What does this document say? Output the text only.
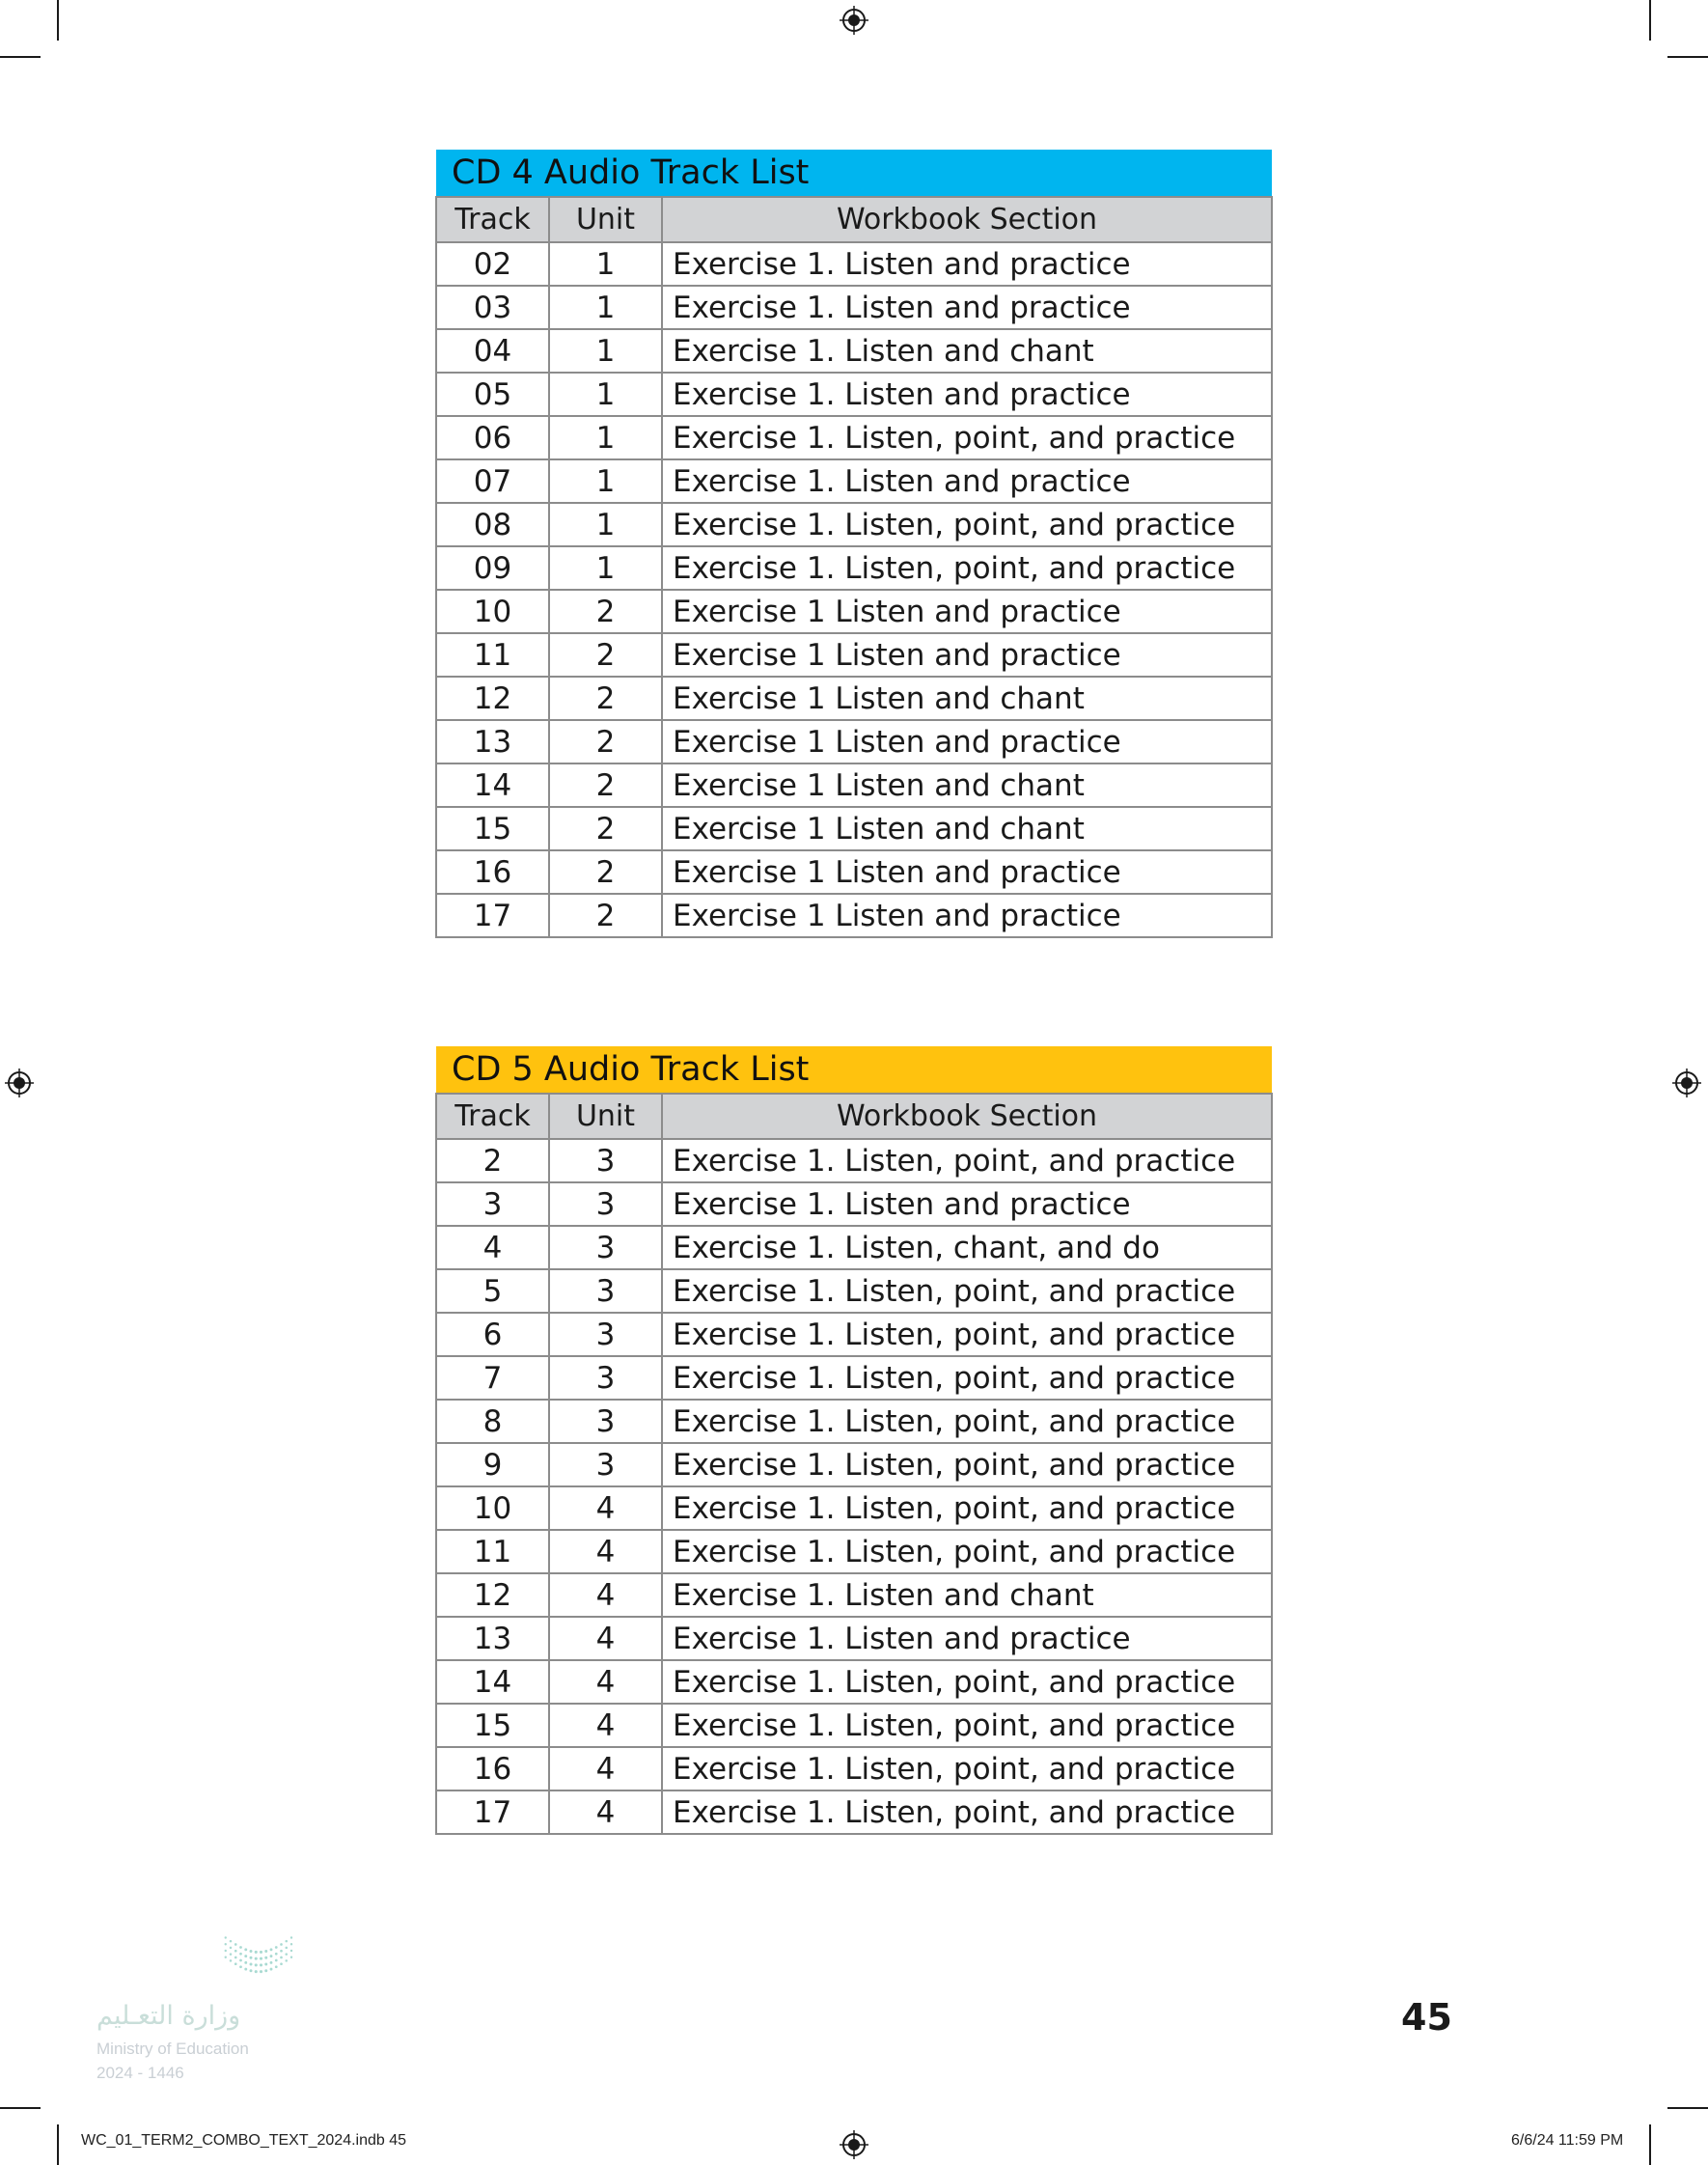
CD 4 Audio Track List		
Track	Unit	Workbook Section
02	1	Exercise 1. Listen and practice
03	1	Exercise 1. Listen and practice
04	1	Exercise 1. Listen and chant
05	1	Exercise 1. Listen and practice
06	1	Exercise 1. Listen, point, and practice
07	1	Exercise 1. Listen and practice
08	1	Exercise 1. Listen, point, and practice
09	1	Exercise 1. Listen, point, and practice
10	2	Exercise 1 Listen and practice
11	2	Exercise 1 Listen and practice
12	2	Exercise 1 Listen and chant
13	2	Exercise 1 Listen and practice
14	2	Exercise 1 Listen and chant
15	2	Exercise 1 Listen and chant
16	2	Exercise 1 Listen and practice
17	2	Exercise 1 Listen and practice
CD 5 Audio Track List		
Track	Unit	Workbook Section
2	3	Exercise 1. Listen, point, and practice
3	3	Exercise 1. Listen and practice
4	3	Exercise 1. Listen, chant, and do
5	3	Exercise 1. Listen, point, and practice
6	3	Exercise 1. Listen, point, and practice
7	3	Exercise 1. Listen, point, and practice
8	3	Exercise 1. Listen, point, and practice
9	3	Exercise 1. Listen, point, and practice
10	4	Exercise 1. Listen, point, and practice
11	4	Exercise 1. Listen, point, and practice
12	4	Exercise 1. Listen and chant
13	4	Exercise 1. Listen and practice
14	4	Exercise 1. Listen, point, and practice
15	4	Exercise 1. Listen, point, and practice
16	4	Exercise 1. Listen, point, and practice
17	4	Exercise 1. Listen, point, and practice
وزارة التعـليم
Ministry of Education
2024 - 1446
45
WC_01_TERM2_COMBO_TEXT_2024.indb 45	6/6/24 11:59 PM
